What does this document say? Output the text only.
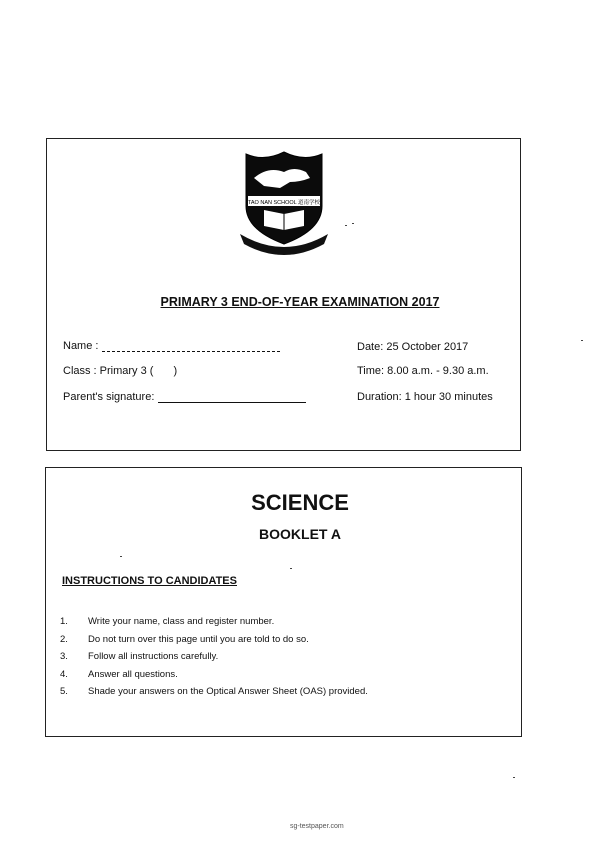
TAO NAN SCHOOL 道南学校
PRIMARY 3 END-OF-YEAR EXAMINATION 2017
Name :
Class : Primary 3 ( )
Parent's signature:
Date: 25 October 2017
Time: 8.00 a.m. - 9.30 a.m.
Duration: 1 hour 30 minutes
SCIENCE
BOOKLET A
INSTRUCTIONS TO CANDIDATES
1.	Write your name, class and register number.
2.	Do not turn over this page until you are told to do so.
3.	Follow all instructions carefully.
4.	Answer all questions.
5.	Shade your answers on the Optical Answer Sheet (OAS) provided.
sg-testpaper.com
